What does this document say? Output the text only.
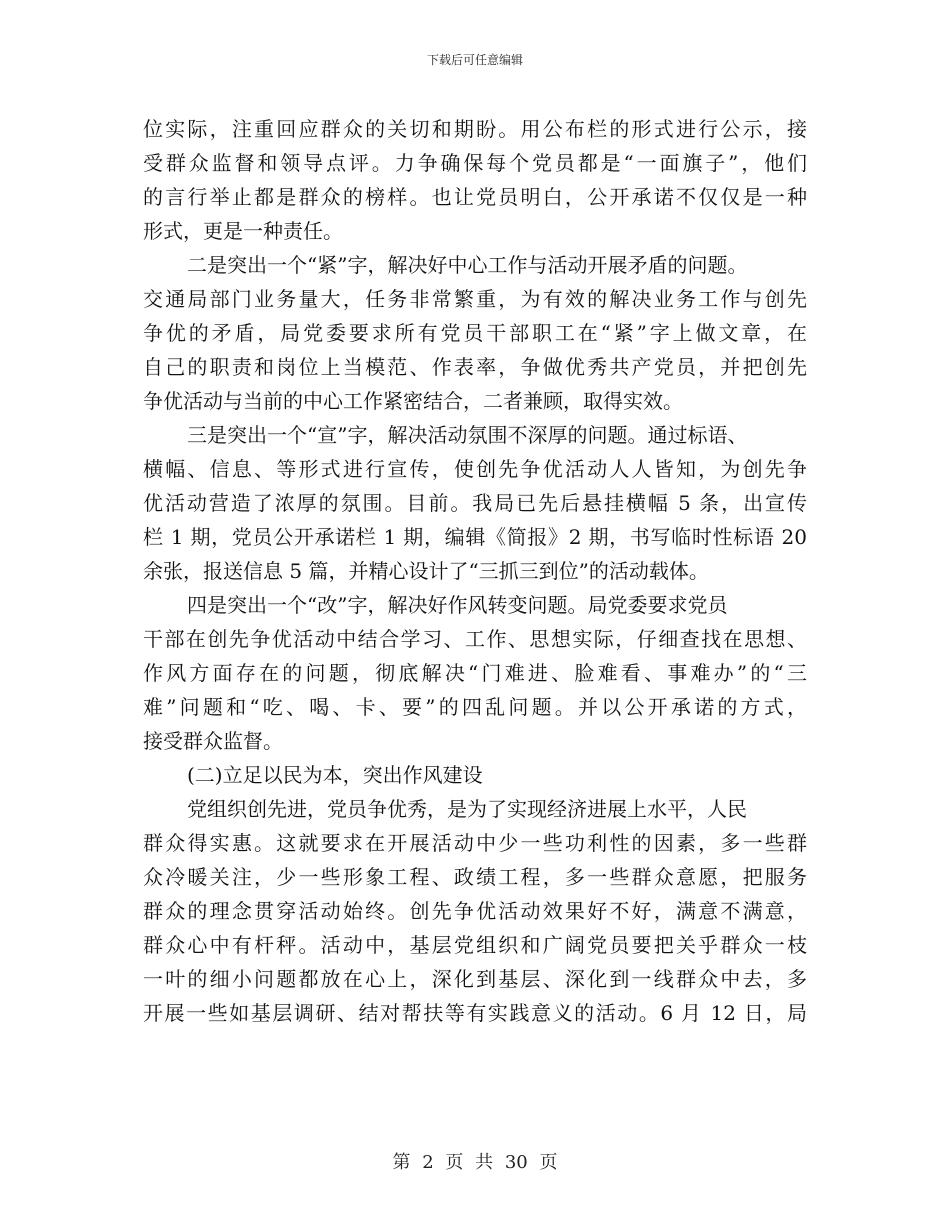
下载后可任意编辑
位实际，注重回应群众的关切和期盼。用公布栏的形式进行公示，接
受群众监督和领导点评。力争确保每个党员都是“一面旗子”，他们
的言行举止都是群众的榜样。也让党员明白，公开承诺不仅仅是一种
形式，更是一种责任。
二是突出一个“紧”字，解决好中心工作与活动开展矛盾的问题。
交通局部门业务量大，任务非常繁重，为有效的解决业务工作与创先
争优的矛盾，局党委要求所有党员干部职工在“紧”字上做文章，在
自己的职责和岗位上当模范、作表率，争做优秀共产党员，并把创先
争优活动与当前的中心工作紧密结合，二者兼顾，取得实效。
三是突出一个“宣”字，解决活动氛围不深厚的问题。通过标语、
横幅、信息、等形式进行宣传，使创先争优活动人人皆知，为创先争
优活动营造了浓厚的氛围。目前。我局已先后悬挂横幅 5 条，出宣传
栏 1 期，党员公开承诺栏 1 期，编辑《简报》2 期，书写临时性标语 20
余张，报送信息 5 篇，并精心设计了“三抓三到位”的活动载体。
四是突出一个“改”字，解决好作风转变问题。局党委要求党员
干部在创先争优活动中结合学习、工作、思想实际，仔细查找在思想、
作风方面存在的问题，彻底解决“门难进、脸难看、事难办”的“三
难”问题和“吃、喝、卡、要”的四乱问题。并以公开承诺的方式，
接受群众监督。
(二)立足以民为本，突出作风建设
党组织创先进，党员争优秀，是为了实现经济进展上水平，人民
群众得实惠。这就要求在开展活动中少一些功利性的因素，多一些群
众冷暖关注，少一些形象工程、政绩工程，多一些群众意愿，把服务
群众的理念贯穿活动始终。创先争优活动效果好不好，满意不满意，
群众心中有杆秤。活动中，基层党组织和广阔党员要把关乎群众一枝
一叶的细小问题都放在心上，深化到基层、深化到一线群众中去，多
开展一些如基层调研、结对帮扶等有实践意义的活动。6 月 12 日，局
第 2 页 共 30 页
